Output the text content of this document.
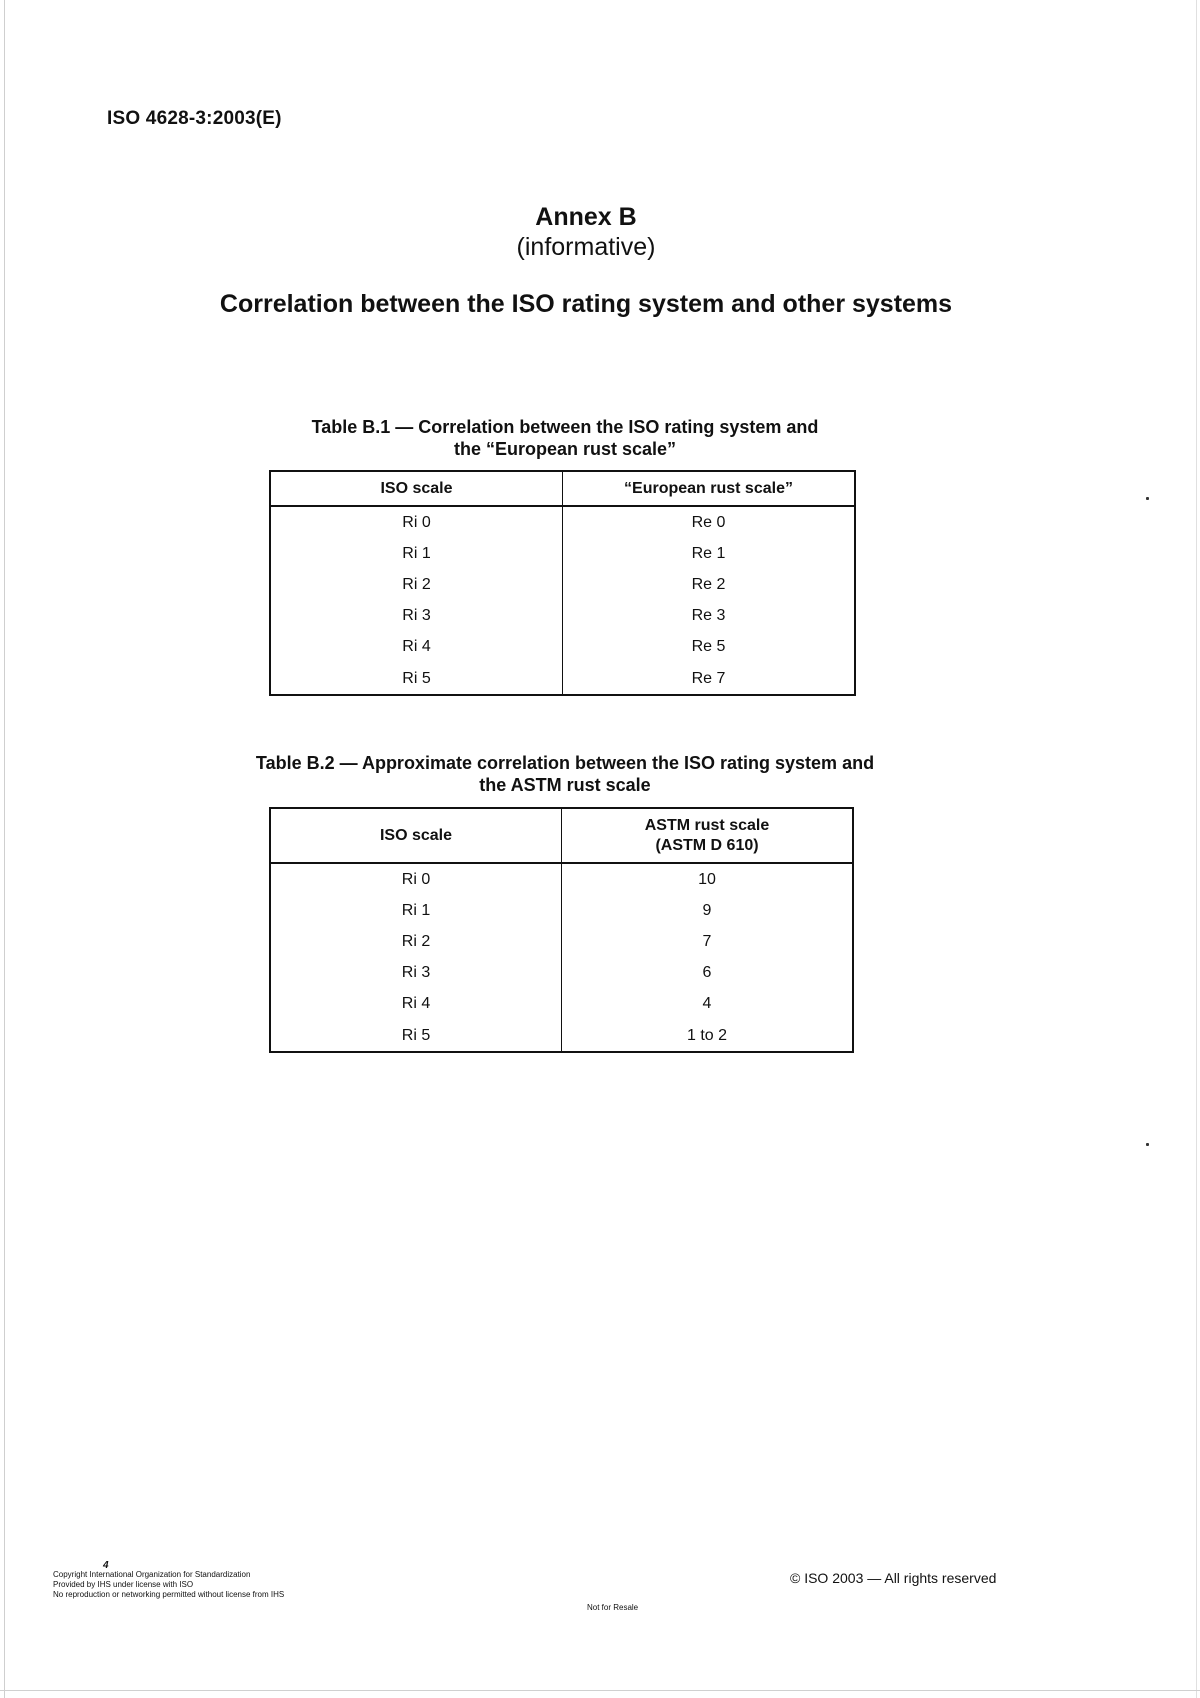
ISO 4628-3:2003(E)
Annex B
(informative)
Correlation between the ISO rating system and other systems
Table B.1 — Correlation between the ISO rating system and
the “European rust scale”
ISO scale	“European rust scale”
Ri 0	Re 0
Ri 1	Re 1
Ri 2	Re 2
Ri 3	Re 3
Ri 4	Re 5
Ri 5	Re 7
Table B.2 — Approximate correlation between the ISO rating system and
the ASTM rust scale
ISO scale	ASTM rust scale
(ASTM D 610)

Ri 0	10
Ri 1	9
Ri 2	7
Ri 3	6
Ri 4	4
Ri 5	1 to 2
4
Copyright International Organization for Standardization
Provided by IHS under license with ISO
No reproduction or networking permitted without license from IHS
Not for Resale
© ISO 2003 — All rights reserved
